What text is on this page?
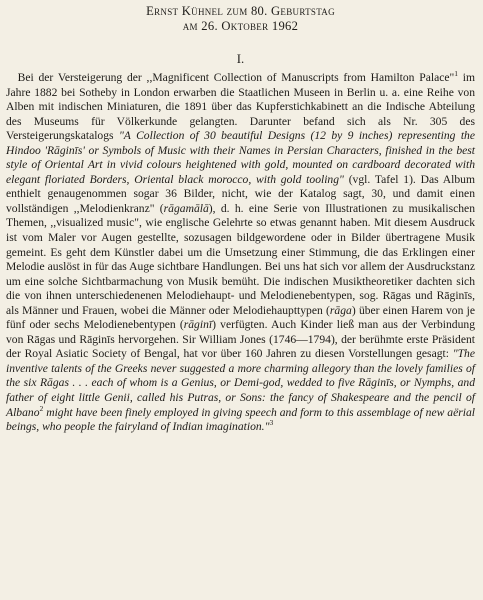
Ernst Kühnel zum 80. Geburtstag

am 26. Oktober 1962

I.

 Bei der Versteigerung der ,,Magnificent Collection of Manuscripts from Hamilton Palace"$^1$ im Jahre 1882 bei Sotheby in London erwarben die Staatlichen Museen in Berlin u. a. eine Reihe von Alben mit indischen Miniaturen, die 1891 über das Kupferstichkabinett an die Indische Abteilung des Museums für Völkerkunde gelangten. Darunter befand sich als Nr. 305 des Versteigerungskatalogs "A Collection of 30 beautiful Designs (12 by 9 inches) representing the Hindoo 'Rāginīs' or Symbols of Music with their Names in Persian Characters, finished in the best style of Oriental Art in vivid colours heightened with gold, mounted on cardboard decorated with elegant floriated Borders, Oriental black morocco, with gold tooling" (vgl. Tafel 1). Das Album enthielt genaugenommen sogar 36 Bilder, nicht, wie der Katalog sagt, 30, und damit einen vollständigen ,,Melodienkranz" (rāgamālā), d. h. eine Serie von Illustrationen zu musikalischen Themen, ,,visualized music", wie englische Gelehrte so etwas genannt haben. Mit diesem Ausdruck ist vom Maler vor Augen gestellte, sozusagen bildgewordene oder in Bilder übertragene Musik gemeint. Es geht dem Künstler dabei um die Umsetzung einer Stimmung, die das Erklingen einer Melodie auslöst in für das Auge sichtbare Handlungen. Bei uns hat sich vor allem der Ausdruckstanz um eine solche Sichtbarmachung von Musik bemüht. Die indischen Musiktheoretiker dachten sich die von ihnen unterschiedenenen Melodiehaupt- und Melodienebentypen, sog. Rāgas und Rāginīs, als Männer und Frauen, wobei die Männer oder Melodiehaupttypen (rāga) über einen Harem von je fünf oder sechs Melodienebentypen (rāginī) verfügten. Auch Kinder ließ man aus der Verbindung von Rāgas und Rāginīs hervorgehen. Sir William Jones (1746—1794), der berühmte erste Präsident der Royal Asiatic Society of Bengal, hat vor über 160 Jahren zu diesen Vorstellungen gesagt: "The inventive talents of the Greeks never suggested a more charming allegory than the lovely families of the six Rāgas . . . each of whom is a Genius, or Demi-god, wedded to five Rāginīs, or Nymphs, and father of eight little Genii, called his Putras, or Sons: the fancy of Shakespeare and the pencil of Albano$^2$ might have been finely employed in giving speech and form to this assemblage of new aërial beings, who people the fairyland of Indian imagination."$^3$
